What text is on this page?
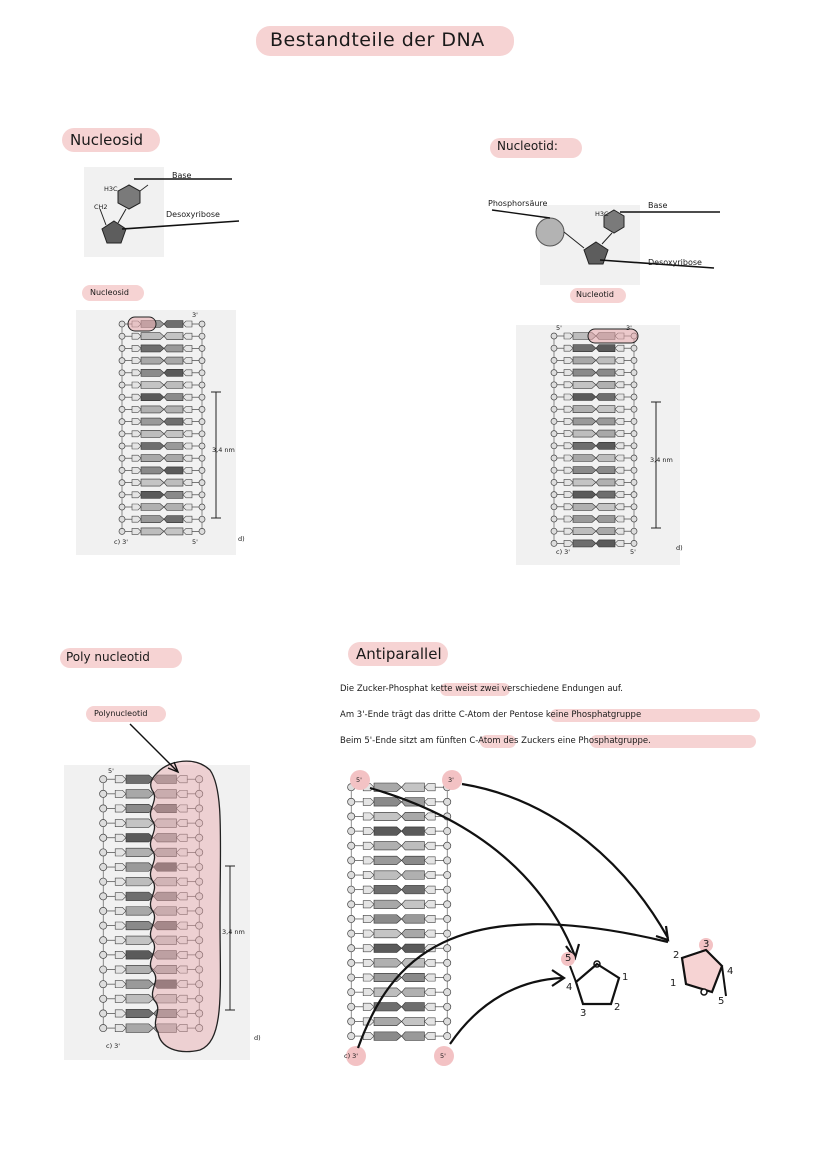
Bestandteile der DNA
Nucleosid
CH2
H3C
Base
Desoxyribose
Nucleosid
3,4 nm
3'
c) 3'	5'	d)
Nucleotid:
Phosphorsäure
H3C
Base
Desoxyribose
Nucleotid
3,4 nm
5'	3'
c) 3'	5'	d)
Poly nucleotid
Polynucleotid
3,4 nm
5'
c) 3'
d)
Antiparallel
Die Zucker-Phosphat kette weist zwei verschiedene Endungen auf.
Am 3'-Ende trägt das dritte C-Atom der Pentose keine Phosphatgruppe
Beim 5'-Ende sitzt am fünften C-Atom des Zuckers eine Phosphatgruppe.
5'	3'
c) 3'	5'
5
4
1
3
2
3
2
4
1
5
